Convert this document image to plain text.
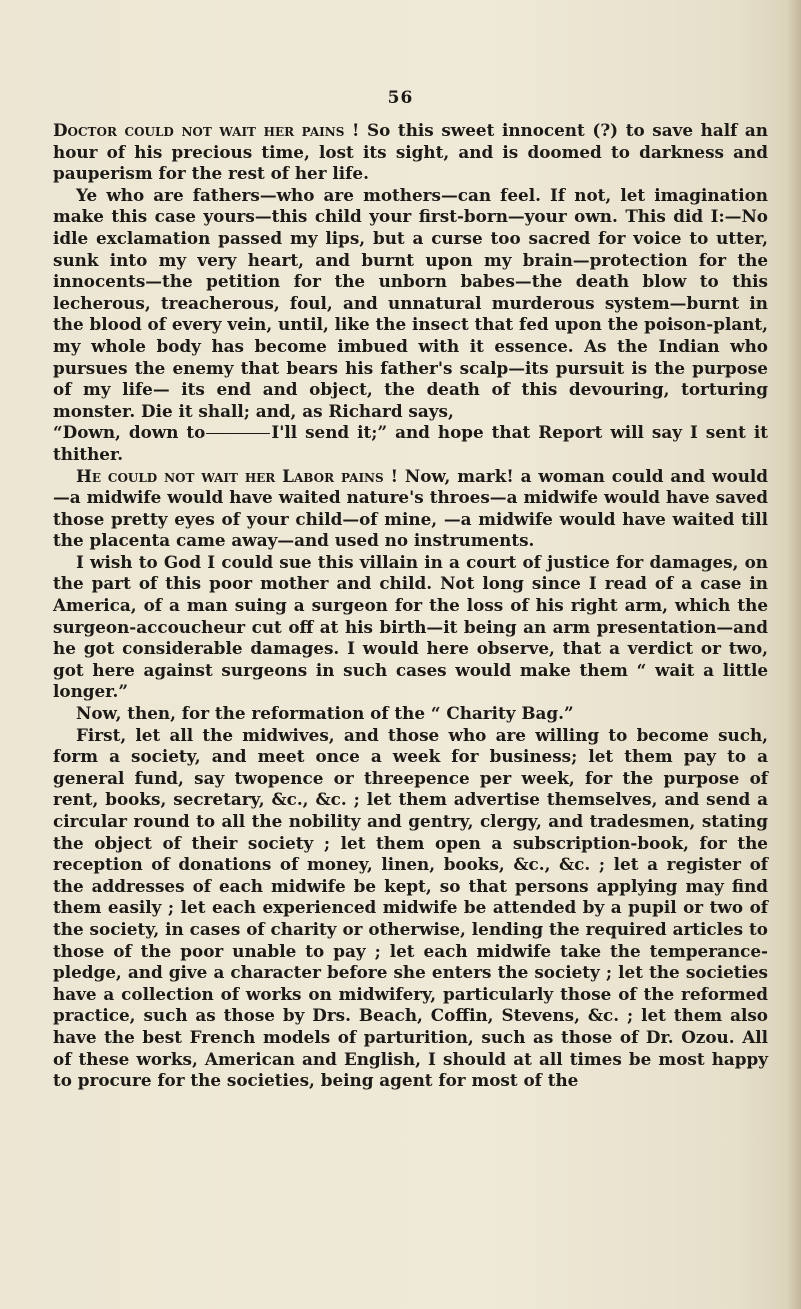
56

Doctor could not wait her pains ! So this sweet innocent (?) to save half an hour of his precious time, lost its sight, and is doomed to darkness and pauperism for the rest of her life.

Ye who are fathers—who are mothers—can feel. If not, let imagination make this case yours—this child your first-born—your own. This did I:—No idle exclamation passed my lips, but a curse too sacred for voice to utter, sunk into my very heart, and burnt upon my brain—protection for the innocents—the petition for the unborn babes—the death blow to this lecherous, treacherous, foul, and unnatural murderous system—burnt in the blood of every vein, until, like the insect that fed upon the poison-plant, my whole body has become imbued with it essence. As the Indian who pursues the enemy that bears his father's scalp—its pursuit is the purpose of my life— its end and object, the death of this devouring, torturing monster. Die it shall; and, as Richard says,

“Down, down to	I'll send it;” and hope that Report will say I sent it thither.

He could not wait her Labor pains ! Now, mark! a woman could and would—a midwife would have waited nature's throes—a midwife would have saved those pretty eyes of your child—of mine, —a midwife would have waited till the placenta came away—and used no instruments.

I wish to God I could sue this villain in a court of justice for damages, on the part of this poor mother and child. Not long since I read of a case in America, of a man suing a surgeon for the loss of his right arm, which the surgeon-accoucheur cut off at his birth—it being an arm presentation—and he got considerable damages. I would here observe, that a verdict or two, got here against surgeons in such cases would make them “ wait a little longer.”

Now, then, for the reformation of the “ Charity Bag.”

First, let all the midwives, and those who are willing to become such, form a society, and meet once a week for business; let them pay to a general fund, say twopence or threepence per week, for the purpose of rent, books, secretary, &c., &c. ; let them advertise themselves, and send a circular round to all the nobility and gentry, clergy, and tradesmen, stating the object of their society ; let them open a subscription-book, for the reception of donations of money, linen, books, &c., &c. ; let a register of the addresses of each midwife be kept, so that persons applying may find them easily ; let each experienced midwife be attended by a pupil or two of the society, in cases of charity or otherwise, lending the required articles to those of the poor unable to pay ; let each midwife take the temperance-pledge, and give a character before she enters the society ; let the societies have a collection of works on midwifery, particularly those of the reformed practice, such as those by Drs. Beach, Coffin, Stevens, &c. ; let them also have the best French models of parturition, such as those of Dr. Ozou. All of these works, American and English, I should at all times be most happy to procure for the societies, being agent for most of the
